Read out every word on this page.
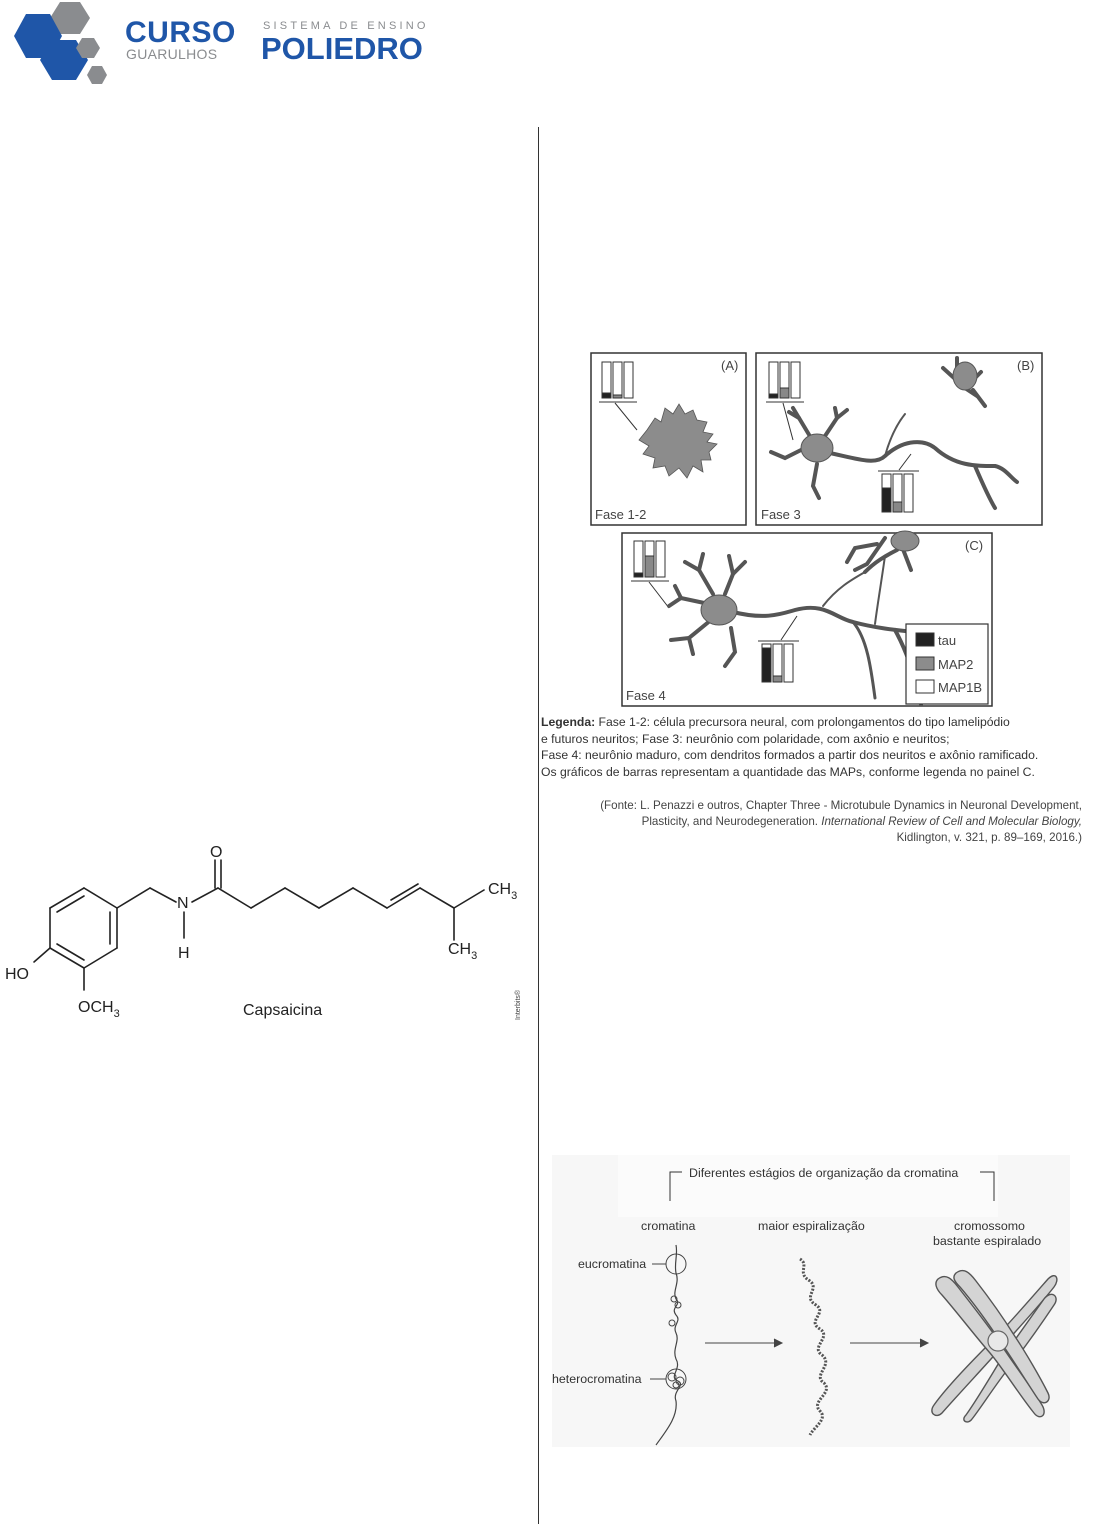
CURSO
GUARULHOS
SISTEMA DE ENSINO
POLIEDRO
O
N
H
$CH_3$
$CH_3$
HO
$OCH_3$	Capsaicina	Interbits®
(A)
Fase 1-2
(B)
Fase 3
(C)
Fase 4
tau
MAP2
MAP1B
Legenda: Fase 1-2: célula precursora neural, com prolongamentos do tipo lamelipódio
e futuros neuritos; Fase 3: neurônio com polaridade, com axônio e neuritos;
Fase 4: neurônio maduro, com dendritos formados a partir dos neuritos e axônio ramificado.
Os gráficos de barras representam a quantidade das MAPs, conforme legenda no painel C.
(Fonte: L. Penazzi e outros, Chapter Three - Microtubule Dynamics in Neuronal Development,
Plasticity, and Neurodegeneration. International Review of Cell and Molecular Biology,
Kidlington, v. 321, p. 89–169, 2016.)
Diferentes estágios de organização da cromatina
cromatina	maior espiralização	cromossomo
bastante espiralado
eucromatina
heterocromatina
